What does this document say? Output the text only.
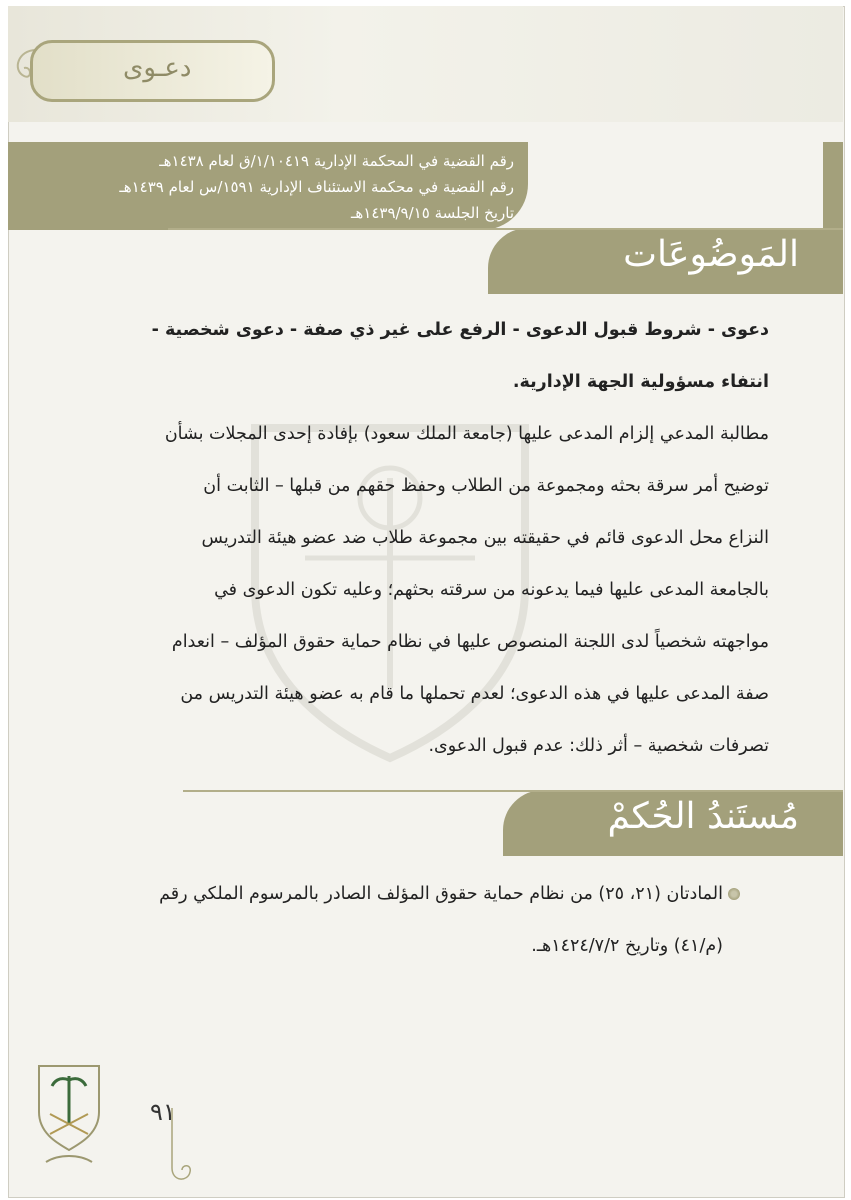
دعـوى
رقم القضية في المحكمة الإدارية ١/١٠٤١٩/ق لعام ١٤٣٨هـ
رقم القضية في محكمة الاستئناف الإدارية ١٥٩١/س لعام ١٤٣٩هـ
تاريخ الجلسة ١٤٣٩/٩/١٥هـ
المَوضُوعَات
دعوى - شروط قبول الدعوى - الرفع على غير ذي صفة - دعوى شخصية -
انتفاء مسؤولية الجهة الإدارية.
مطالبة المدعي إلزام المدعى عليها (جامعة الملك سعود) بإفادة إحدى المجلات بشأن
توضيح أمر سرقة بحثه ومجموعة من الطلاب وحفظ حقهم من قبلها – الثابت أن
النزاع محل الدعوى قائم في حقيقته بين مجموعة طلاب ضد عضو هيئة التدريس
بالجامعة المدعى عليها فيما يدعونه من سرقته بحثهم؛ وعليه تكون الدعوى في
مواجهته شخصياً لدى اللجنة المنصوص عليها في نظام حماية حقوق المؤلف – انعدام
صفة المدعى عليها في هذه الدعوى؛ لعدم تحملها ما قام به عضو هيئة التدريس من
تصرفات شخصية – أثر ذلك: عدم قبول الدعوى.
مُستَندُ الحُكمْ
المادتان (٢١، ٢٥) من نظام حماية حقوق المؤلف الصادر بالمرسوم الملكي رقم
(م/٤١) وتاريخ ١٤٢٤/٧/٢هـ.
٩١
